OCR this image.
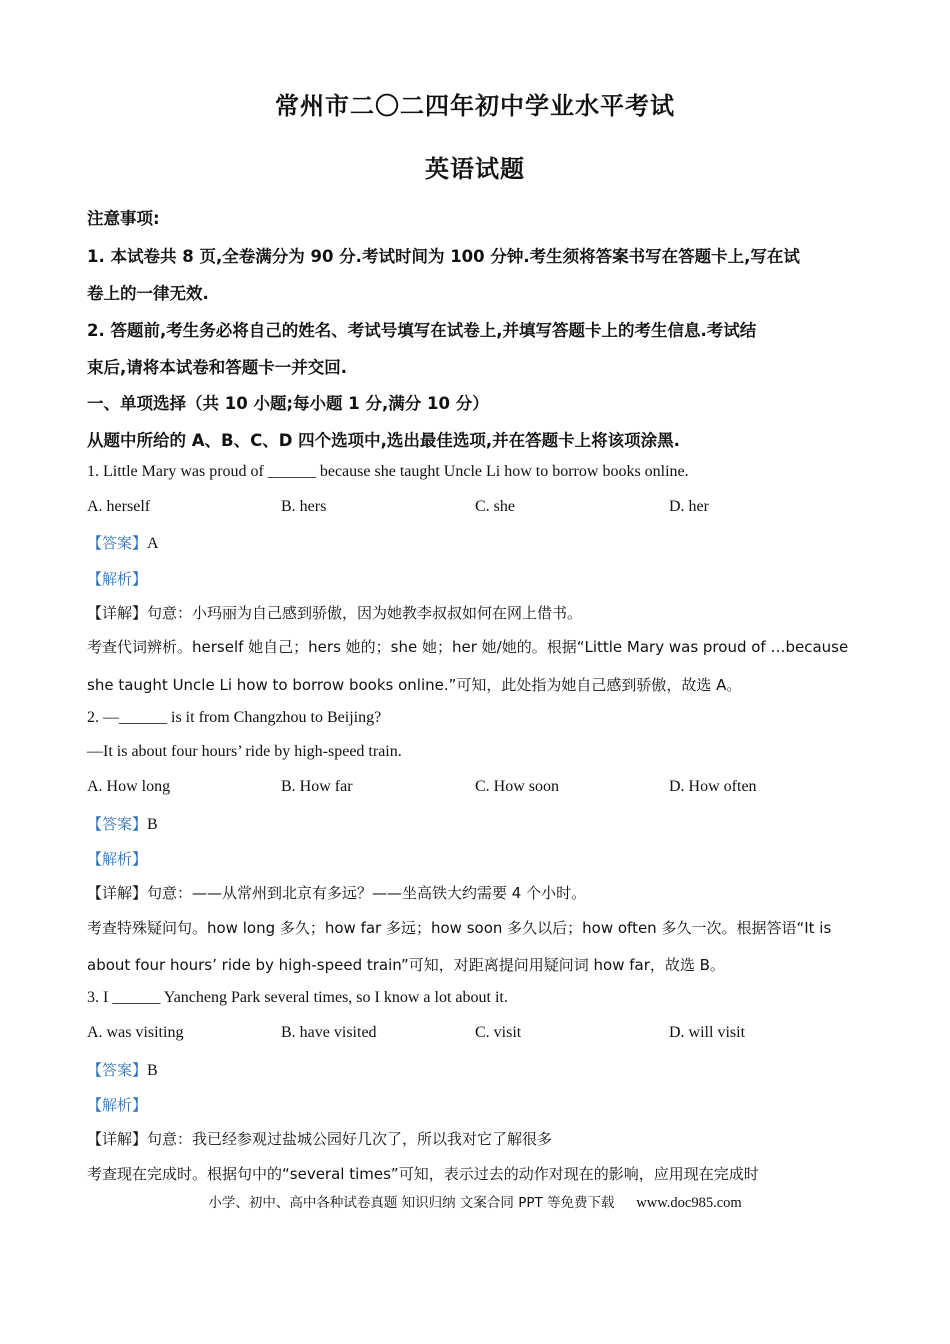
常州市二〇二四年初中学业水平考试
英语试题
注意事项:
1. 本试卷共 8 页,全卷满分为 90 分.考试时间为 100 分钟.考生须将答案书写在答题卡上,写在试
卷上的一律无效.
2. 答题前,考生务必将自己的姓名、考试号填写在试卷上,并填写答题卡上的考生信息.考试结
束后,请将本试卷和答题卡一并交回.
一、单项选择（共 10 小题;每小题 1 分,满分 10 分）
从题中所给的 A、B、C、D 四个选项中,选出最佳选项,并在答题卡上将该项涂黑.
1. Little Mary was proud of ______ because she taught Uncle Li how to borrow books online.
A. herself	B. hers	C. she	D. her
【答案】A
【解析】
【详解】句意：小玛丽为自己感到骄傲，因为她教李叔叔如何在网上借书。
考查代词辨析。herself 她自己；hers 她的；she 她；her 她/她的。根据“Little Mary was proud of …because
she taught Uncle Li how to borrow books online.”可知，此处指为她自己感到骄傲，故选 A。
2. —______ is it from Changzhou to Beijing?
—It is about four hours’ ride by high-speed train.
A. How long	B. How far	C. How soon	D. How often
【答案】B
【解析】
【详解】句意：——从常州到北京有多远？——坐高铁大约需要 4 个小时。
考查特殊疑问句。how long 多久；how far 多远；how soon 多久以后；how often 多久一次。根据答语“It is
about four hours’ ride by high-speed train”可知，对距离提问用疑问词 how far，故选 B。
3. I ______ Yancheng Park several times, so I know a lot about it.
A. was visiting	B. have visited	C. visit	D. will visit
【答案】B
【解析】
【详解】句意：我已经参观过盐城公园好几次了，所以我对它了解很多
考查现在完成时。根据句中的“several times”可知，表示过去的动作对现在的影响，应用现在完成时
小学、初中、高中各种试卷真题 知识归纳 文案合同 PPT 等免费下载 www.doc985.com
